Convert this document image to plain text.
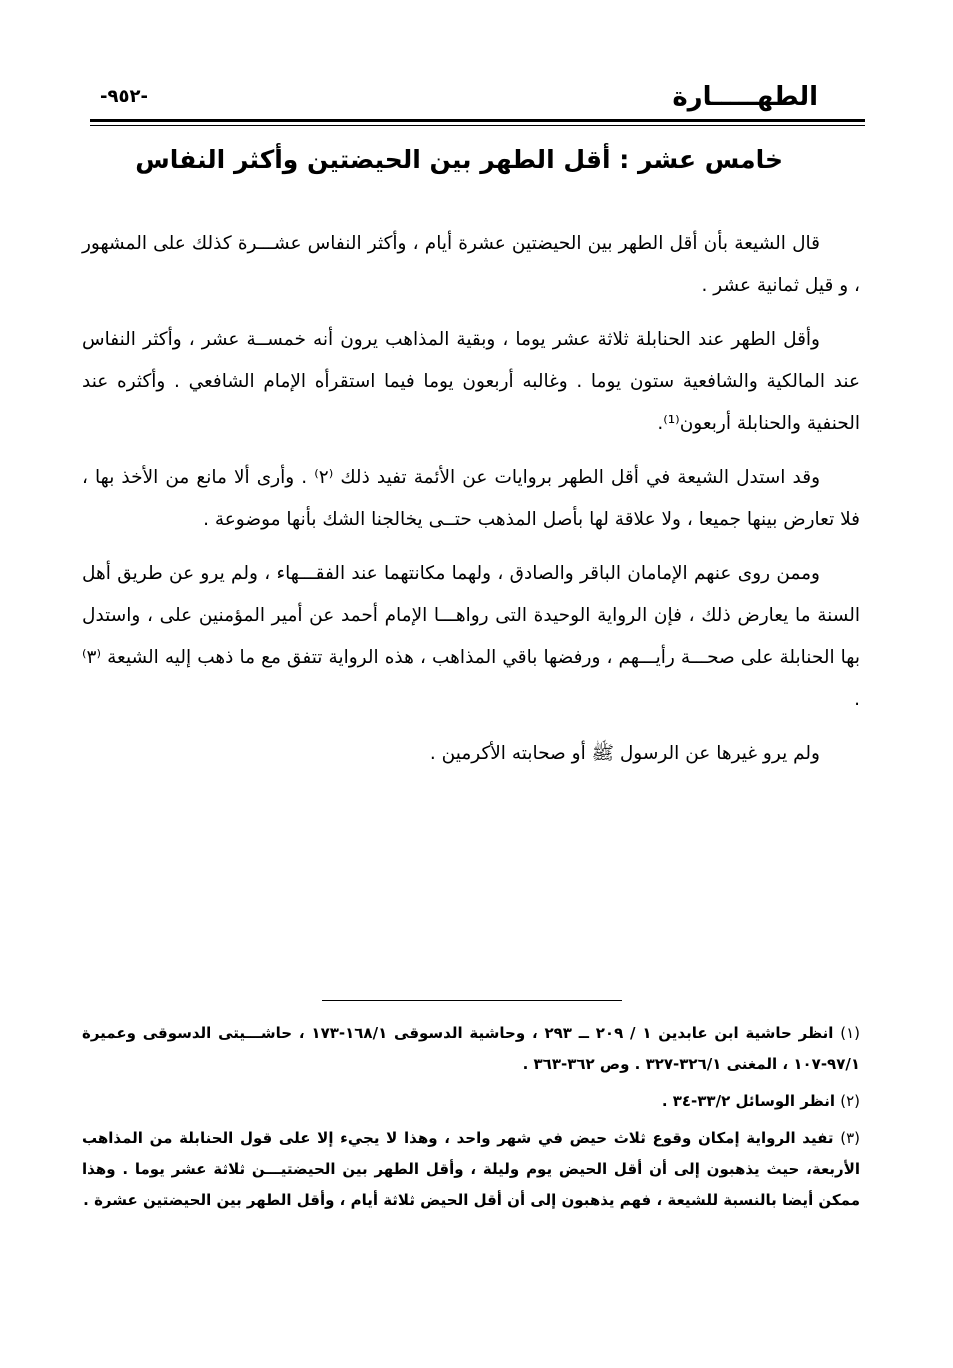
الطهـــــارة
-٩٥٢-
خامس عشر : أقل الطهر بين الحيضتين وأكثر النفاس

قال الشيعة بأن أقل الطهر بين الحيضتين عشرة أيام ، وأكثر النفاس عشـــرة كذلك على المشهور ، و قيل ثمانية عشر .

وأقل الطهر عند الحنابلة ثلاثة عشر يوما ، وبقية المذاهب يرون أنه خمســة عشر ، وأكثر النفاس عند المالكية والشافعية ستون يوما . وغالبه أربعون يوما فيما استقرأه الإمام الشافعي . وأكثره عند الحنفية والحنابلة أربعون⁽¹⁾.

وقد استدل الشيعة في أقل الطهر بروايات عن الأئمة تفيد ذلك ⁽٢⁾ . وأرى ألا مانع من الأخذ بها ، فلا تعارض بينها جميعا ، ولا علاقة لها بأصل المذهب حتــى يخالجنا الشك بأنها موضوعة .

وممن روى عنهم الإمامان الباقر والصادق ، ولهما مكانتهما عند الفقـــهاء ، ولم يرو عن طريق أهل السنة ما يعارض ذلك ، فإن الرواية الوحيدة التى رواهـــا الإمام أحمد عن أمير المؤمنين على ، واستدل بها الحنابلة على صحـــة رأيـــهم ، ورفضها باقي المذاهب ، هذه الرواية تتفق مع ما ذهب إليه الشيعة ⁽٣⁾ .

ولم يرو غيرها عن الرسول ﷺ أو صحابته الأكرمين .

(١) انظر حاشية ابن عابدين ١ / ٢٠٩ ــ ٢٩٣ ، وحاشية الدسوقى ١٦٨/١-١٧٣ ، حاشـــيتى الدسوقى وعميرة ٩٧/١-١٠٧ ، المغنى ٣٢٦/١-٣٢٧ . وص ٣٦٢-٣٦٣ .

(٢) انظر الوسائل ٣٣/٢-٣٤ .

(٣) تفيد الرواية إمكان وقوع ثلاث حيض في شهر واحد ، وهذا لا يجيء إلا على قول الحنابلة من المذاهب الأربعة، حيث يذهبون إلى أن أقل الحيض يوم وليلة ، وأقل الطهر بين الحيضتيـــن ثلاثة عشر يوما . وهذا ممكن أيضا بالنسبة للشيعة ، فهم يذهبون إلى أن أقل الحيض ثلاثة أيام ، وأقل الطهر بين الحيضتين عشرة .
